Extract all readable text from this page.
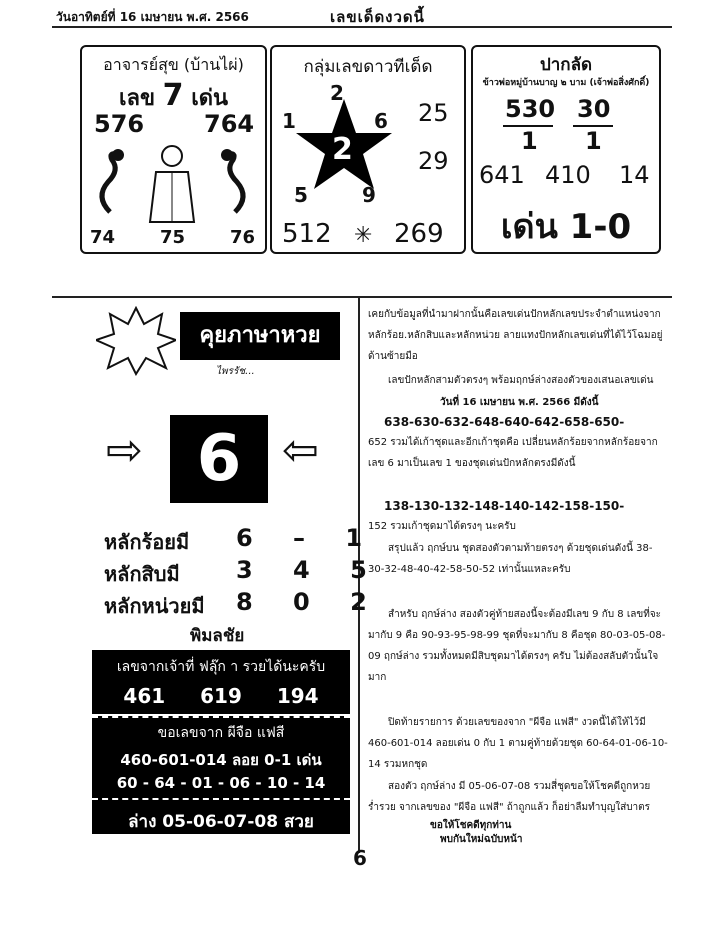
วันอาทิตย์ที่ 16 เมษายน พ.ศ. 2566	เลขเด็ดงวดนี้
อาจารย์สุข (บ้านไผ่)
เลข 7 เด่น
576 764
74 75 76
กลุ่มเลขดาวทีเด็ด
2
2
1	6
5	9
25
29
512 ✳ 269
ปากลัด
ข้าวพ่อหมู่บ้านบาญ ๒ บาม (เจ้าพ่อสิ่งศักดิ์)
530
1
30
1
641 410 14
เด่น 1-0
คุยภาษาหวย
ไพรรัช...
⇨ 6 ⇦
หลักร้อยมี 6 – 1
หลักสิบมี 3 4 5
หลักหน่วยมี 8 0 2
พิมลชัย
เลขจากเจ้าที่ ฟลุ๊ก า รวยได้นะครับ
461 619 194
ขอเลขจาก ผีจือ แฟสี
460-601-014 ลอย 0-1 เด่น
60 - 64 - 01 - 06 - 10 - 14
ล่าง 05-06-07-08 สวย
เคยกับข้อมูลที่นำมาฝากนั้นคือเลขเด่นปักหลักเลขประจำตำแหน่งจากหลักร้อย.หลักสิบและหลักหน่วย ลายแทงปักหลักเลขเด่นที่ได้ไว้โฉมอยู่ด้านซ้ายมือ
เลขปักหลักสามตัวตรงๆ พร้อมฤกษ์ล่างสองตัวของเสนอเลขเด่น
วันที่ 16 เมษายน พ.ศ. 2566 มีดังนี้
638-630-632-648-640-642-658-650-
652 รวมได้เก้าชุดและอีกเก้าชุดคือ เปลี่ยนหลักร้อยจากหลักร้อยจากเลข 6 มาเป็นเลข 1 ของชุดเด่นปักหลักตรงมีดังนี้
138-130-132-148-140-142-158-150-
152 รวมเก้าชุดมาได้ตรงๆ นะครับ
สรุปแล้ว ฤกษ์บน ชุดสองตัวตามท้ายตรงๆ ด้วยชุดเด่นดังนี้ 38-30-32-48-40-42-58-50-52 เท่านั้นแหละครับ
สำหรับ ฤกษ์ล่าง สองตัวคู่ท้ายสองนี้จะต้องมีเลข 9 กับ 8 เลขที่จะมากับ 9 คือ 90-93-95-98-99 ชุดที่จะมากับ 8 คือชุด 80-03-05-08-09 ฤกษ์ล่าง รวมทั้งหมดมีสิบชุดมาได้ตรงๆ ครับ ไม่ต้องสลับตัวนั้นใจมาก
ปิดท้ายรายการ ด้วยเลขของจาก "ผีจือ แฟสี" งวดนี้ได้ให้ไว้มี 460-601-014 ลอยเด่น 0 กับ 1 ตามคู่ท้ายด้วยชุด 60-64-01-06-10-14 รวมหกชุด
สองตัว ฤกษ์ล่าง มี 05-06-07-08 รวมสี่ชุดขอให้โชคดีถูกหวย ร่ำรวย จากเลขของ "ผีจือ แฟสี" ถ้าถูกแล้ว ก็อย่าลืมทำบุญใส่บาตร
ขอให้โชคดีทุกท่าน
พบกันใหม่ฉบับหน้า
6
